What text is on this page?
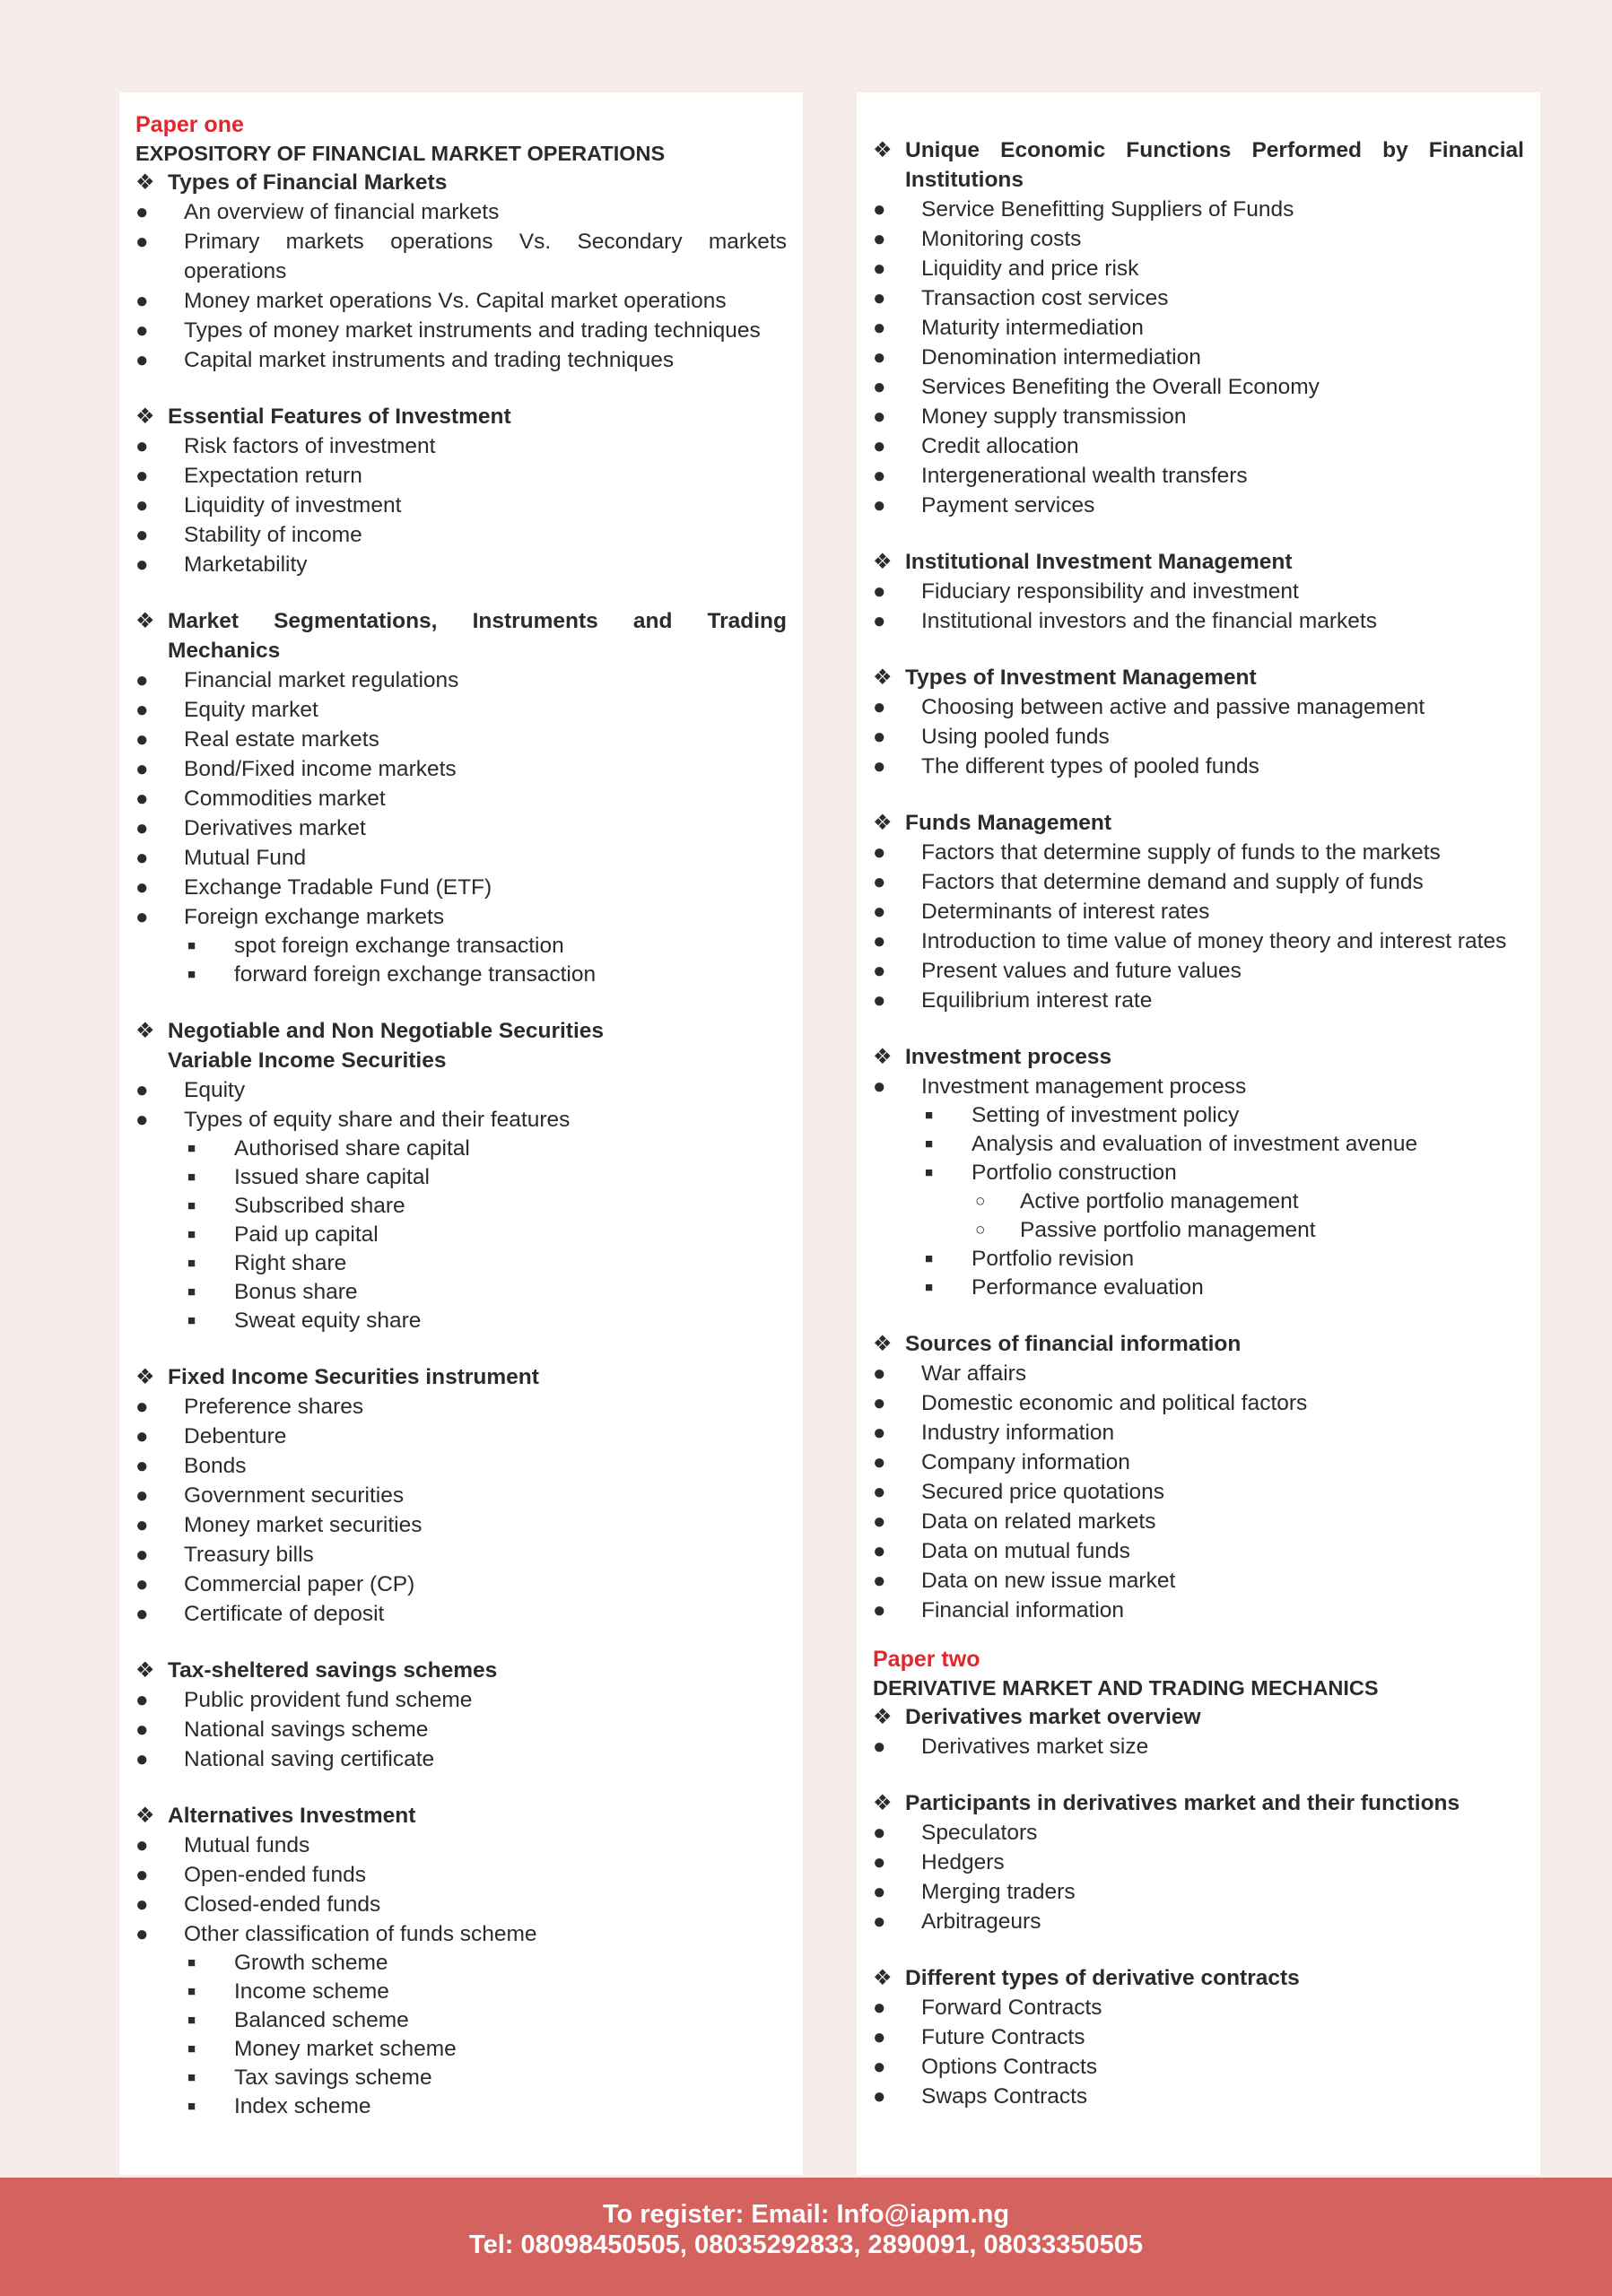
Paper one
EXPOSITORY OF FINANCIAL MARKET OPERATIONS
❖ Types of Financial Markets
●	An overview of financial markets
●	Primary markets operations Vs. Secondary markets operations
●	Money market operations Vs. Capital market operations
●	Types of money market instruments and trading techniques
●	Capital market instruments and trading techniques
❖ Essential Features of Investment
●	Risk factors of investment
●	Expectation return
●	Liquidity of investment
●	Stability of income
●	Marketability
❖ Market Segmentations, Instruments and Trading Mechanics
●	Financial market regulations
●	Equity market
●	Real estate markets
●	Bond/Fixed income markets
●	Commodities market
●	Derivatives market
●	Mutual Fund
●	Exchange Tradable Fund (ETF)
●	Foreign exchange markets
■	spot foreign exchange transaction
■	forward foreign exchange transaction
❖ Negotiable and Non Negotiable Securities
Variable Income Securities
●	Equity
●	Types of equity share and their features
■	Authorised share capital
■	Issued share capital
■	Subscribed share
■	Paid up capital
■	Right share
■	Bonus share
■	Sweat equity share
❖ Fixed Income Securities instrument
●	Preference shares
●	Debenture
●	Bonds
●	Government securities
●	Money market securities
●	Treasury bills
●	Commercial paper (CP)
●	Certificate of deposit
❖ Tax-sheltered savings schemes
●	Public provident fund scheme
●	National savings scheme
●	National saving certificate
❖ Alternatives Investment
●	Mutual funds
●	Open-ended funds
●	Closed-ended funds
●	Other classification of funds scheme
■	Growth scheme
■	Income scheme
■	Balanced scheme
■	Money market scheme
■	Tax savings scheme
■	Index scheme
❖ Unique Economic Functions Performed by Financial Institutions
●	Service Benefitting Suppliers of Funds
●	Monitoring costs
●	Liquidity and price risk
●	Transaction cost services
●	Maturity intermediation
●	Denomination intermediation
●	Services Benefiting the Overall Economy
●	Money supply transmission
●	Credit allocation
●	Intergenerational wealth transfers
●	Payment services
❖ Institutional Investment Management
●	Fiduciary responsibility and investment
●	Institutional investors and the financial markets
❖ Types of Investment Management
●	Choosing between active and passive management
●	Using pooled funds
●	The different types of pooled funds
❖ Funds Management
●	Factors that determine supply of funds to the markets
●	Factors that determine demand and supply of funds
●	Determinants of interest rates
●	Introduction to time value of money theory and interest rates
●	Present values and future values
●	Equilibrium interest rate
❖ Investment process
●	Investment management process
■	Setting of investment policy
■	Analysis and evaluation of investment avenue
■	Portfolio construction
○	Active portfolio management
○	Passive portfolio management
■	Portfolio revision
■	Performance evaluation
❖ Sources of financial information
●	War affairs
●	Domestic economic and political factors
●	Industry information
●	Company information
●	Secured price quotations
●	Data on related markets
●	Data on mutual funds
●	Data on new issue market
●	Financial information
Paper two
DERIVATIVE MARKET AND TRADING MECHANICS
❖ Derivatives market overview
●	Derivatives market size
❖ Participants in derivatives market and their functions
●	Speculators
●	Hedgers
●	Merging traders
●	Arbitrageurs
❖ Different types of derivative contracts
●	Forward Contracts
●	Future Contracts
●	Options Contracts
●	Swaps Contracts
To register: Email: Info@iapm.ng
Tel: 08098450505, 08035292833, 2890091, 08033350505
